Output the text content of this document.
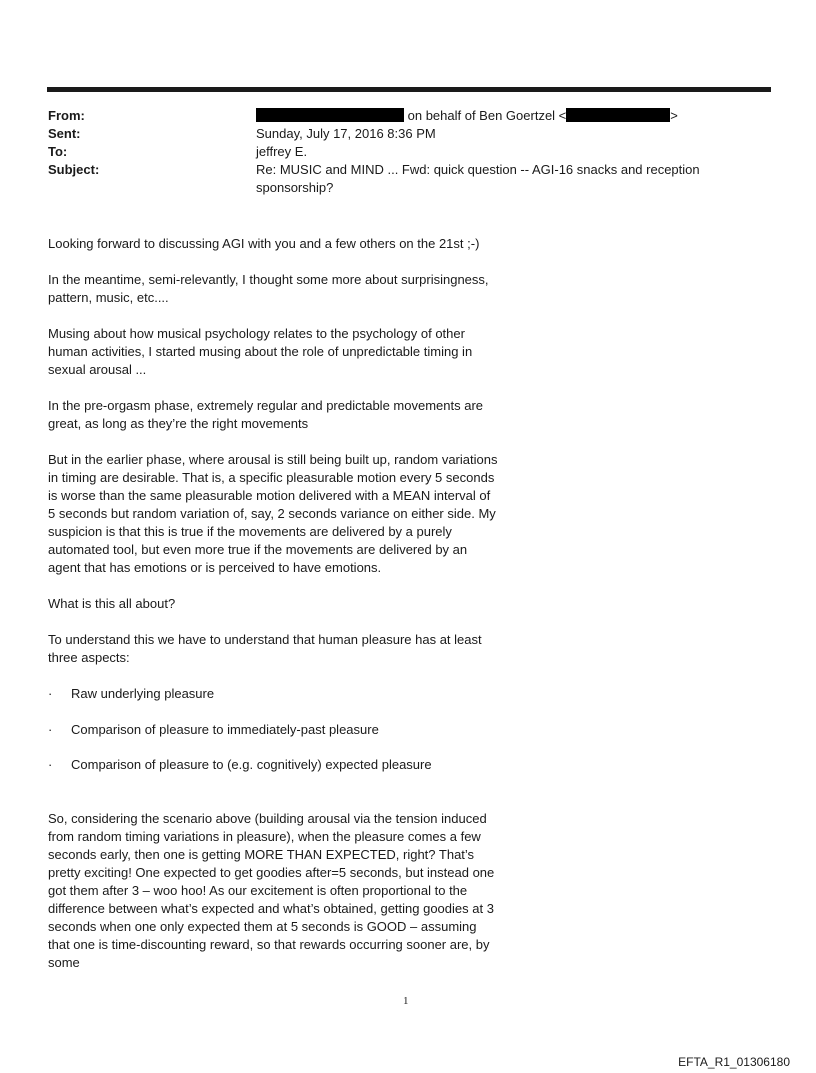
From:	on behalf of Ben Goertzel <	>
Sent:	Sunday, July 17, 2016 8:36 PM
To:	jeffrey E.
Subject:	Re: MUSIC and MIND ... Fwd: quick question -- AGI-16 snacks and reception sponsorship?

Looking forward to discussing AGI with you and a few others on the 21st ;-)

In the meantime, semi-relevantly, I thought some more about surprisingness, pattern, music, etc....

Musing about how musical psychology relates to the psychology of other human activities, I started musing about the role of unpredictable timing in sexual arousal ...

In the pre-orgasm phase, extremely regular and predictable movements are great, as long as they’re the right movements

But in the earlier phase, where arousal is still being built up, random variations in timing are desirable. That is, a specific pleasurable motion every 5 seconds is worse than the same pleasurable motion delivered with a MEAN interval of 5 seconds but random variation of, say, 2 seconds variance on either side. My suspicion is that this is true if the movements are delivered by a purely automated tool, but even more true if the movements are delivered by an agent that has emotions or is perceived to have emotions.

What is this all about?

To understand this we have to understand that human pleasure has at least three aspects:

· Raw underlying pleasure
· Comparison of pleasure to immediately-past pleasure
· Comparison of pleasure to (e.g. cognitively) expected pleasure

So, considering the scenario above (building arousal via the tension induced from random timing variations in pleasure), when the pleasure comes a few seconds early, then one is getting MORE THAN EXPECTED, right? That’s pretty exciting! One expected to get goodies after=5 seconds, but instead one got them after 3 – woo hoo! As our excitement is often proportional to the difference between what’s expected and what’s obtained, getting goodies at 3 seconds when one only expected them at 5 seconds is GOOD – assuming that one is time-discounting reward, so that rewards occurring sooner are, by some

1
EFTA_R1_01306180
